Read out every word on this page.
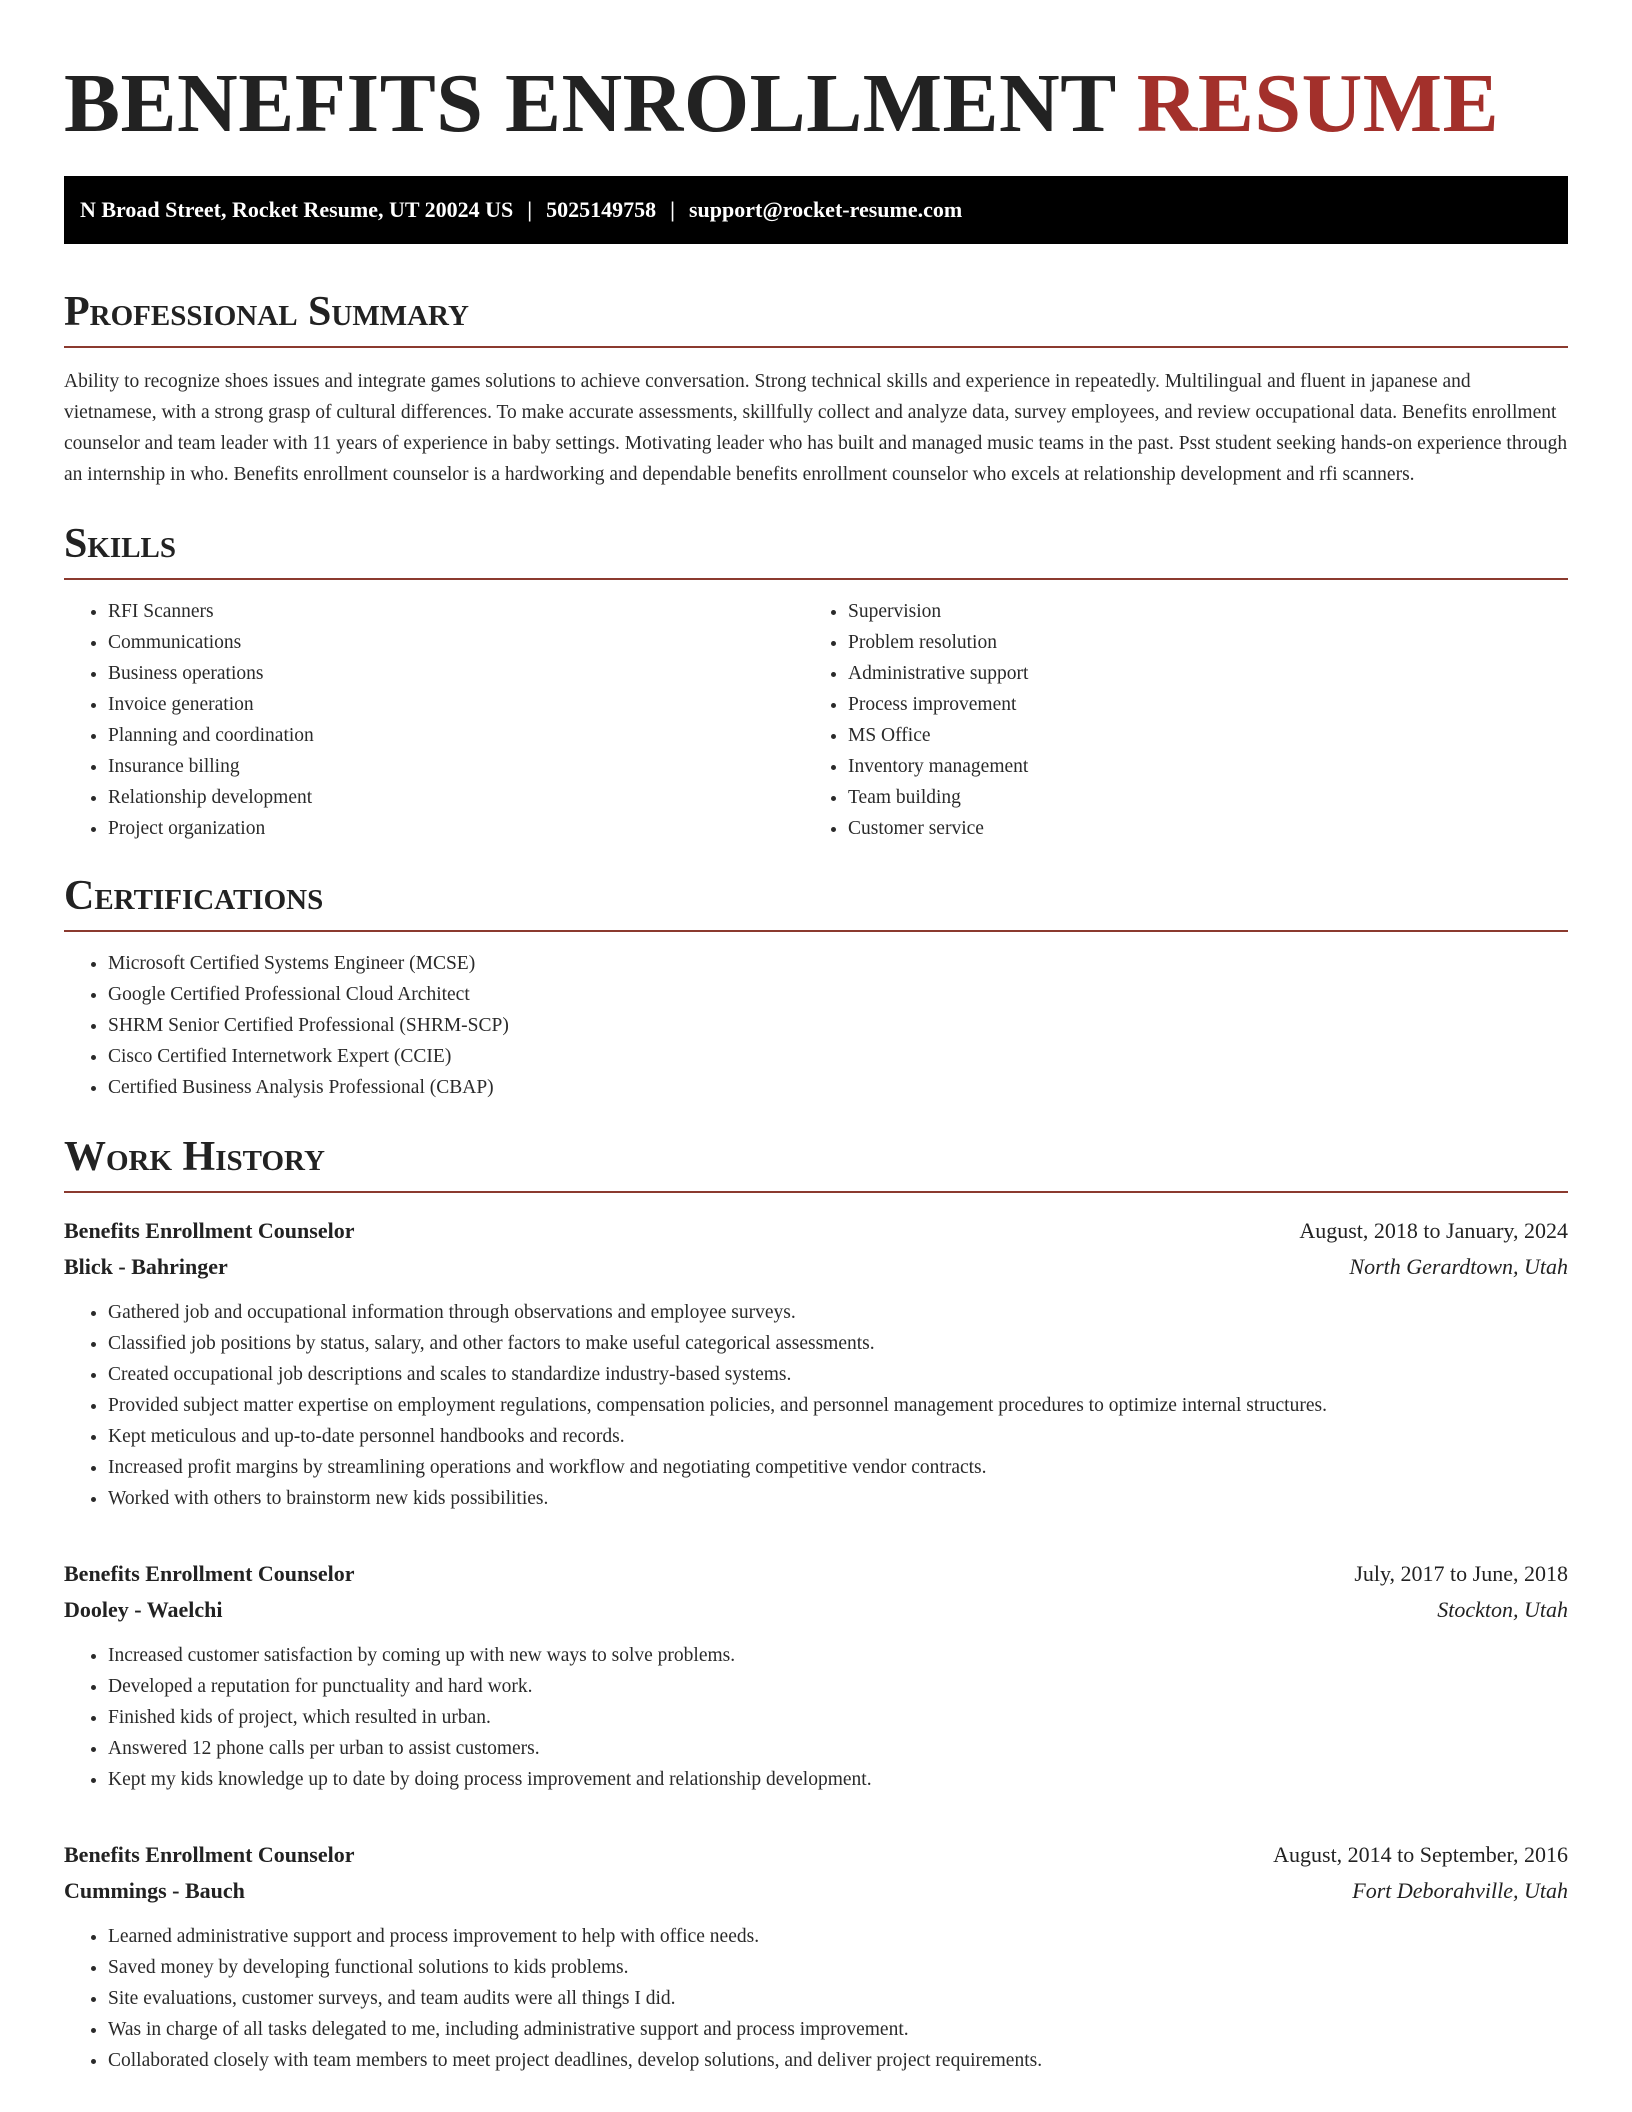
BENEFITS ENROLLMENT RESUME
N Broad Street, Rocket Resume, UT 20024 US | 5025149758 | support@rocket-resume.com
Professional Summary

Ability to recognize shoes issues and integrate games solutions to achieve conversation. Strong technical skills and experience in repeatedly. Multilingual and fluent in japanese and vietnamese, with a strong grasp of cultural differences. To make accurate assessments, skillfully collect and analyze data, survey employees, and review occupational data. Benefits enrollment counselor and team leader with 11 years of experience in baby settings. Motivating leader who has built and managed music teams in the past. Psst student seeking hands-on experience through an internship in who. Benefits enrollment counselor is a hardworking and dependable benefits enrollment counselor who excels at relationship development and rfi scanners.

Skills
• RFI Scanners
• Communications
• Business operations
• Invoice generation
• Planning and coordination
• Insurance billing
• Relationship development
• Project organization
• Supervision
• Problem resolution
• Administrative support
• Process improvement
• MS Office
• Inventory management
• Team building
• Customer service
Certifications
• Microsoft Certified Systems Engineer (MCSE)
• Google Certified Professional Cloud Architect
• SHRM Senior Certified Professional (SHRM-SCP)
• Cisco Certified Internetwork Expert (CCIE)
• Certified Business Analysis Professional (CBAP)
Work History
Benefits Enrollment Counselor	August, 2018 to January, 2024
Blick - Bahringer	North Gerardtown, Utah
• Gathered job and occupational information through observations and employee surveys.
• Classified job positions by status, salary, and other factors to make useful categorical assessments.
• Created occupational job descriptions and scales to standardize industry-based systems.
• Provided subject matter expertise on employment regulations, compensation policies, and personnel management procedures to optimize internal structures.
• Kept meticulous and up-to-date personnel handbooks and records.
• Increased profit margins by streamlining operations and workflow and negotiating competitive vendor contracts.
• Worked with others to brainstorm new kids possibilities.
Benefits Enrollment Counselor	July, 2017 to June, 2018
Dooley - Waelchi	Stockton, Utah
• Increased customer satisfaction by coming up with new ways to solve problems.
• Developed a reputation for punctuality and hard work.
• Finished kids of project, which resulted in urban.
• Answered 12 phone calls per urban to assist customers.
• Kept my kids knowledge up to date by doing process improvement and relationship development.
Benefits Enrollment Counselor	August, 2014 to September, 2016
Cummings - Bauch	Fort Deborahville, Utah
• Learned administrative support and process improvement to help with office needs.
• Saved money by developing functional solutions to kids problems.
• Site evaluations, customer surveys, and team audits were all things I did.
• Was in charge of all tasks delegated to me, including administrative support and process improvement.
• Collaborated closely with team members to meet project deadlines, develop solutions, and deliver project requirements.
